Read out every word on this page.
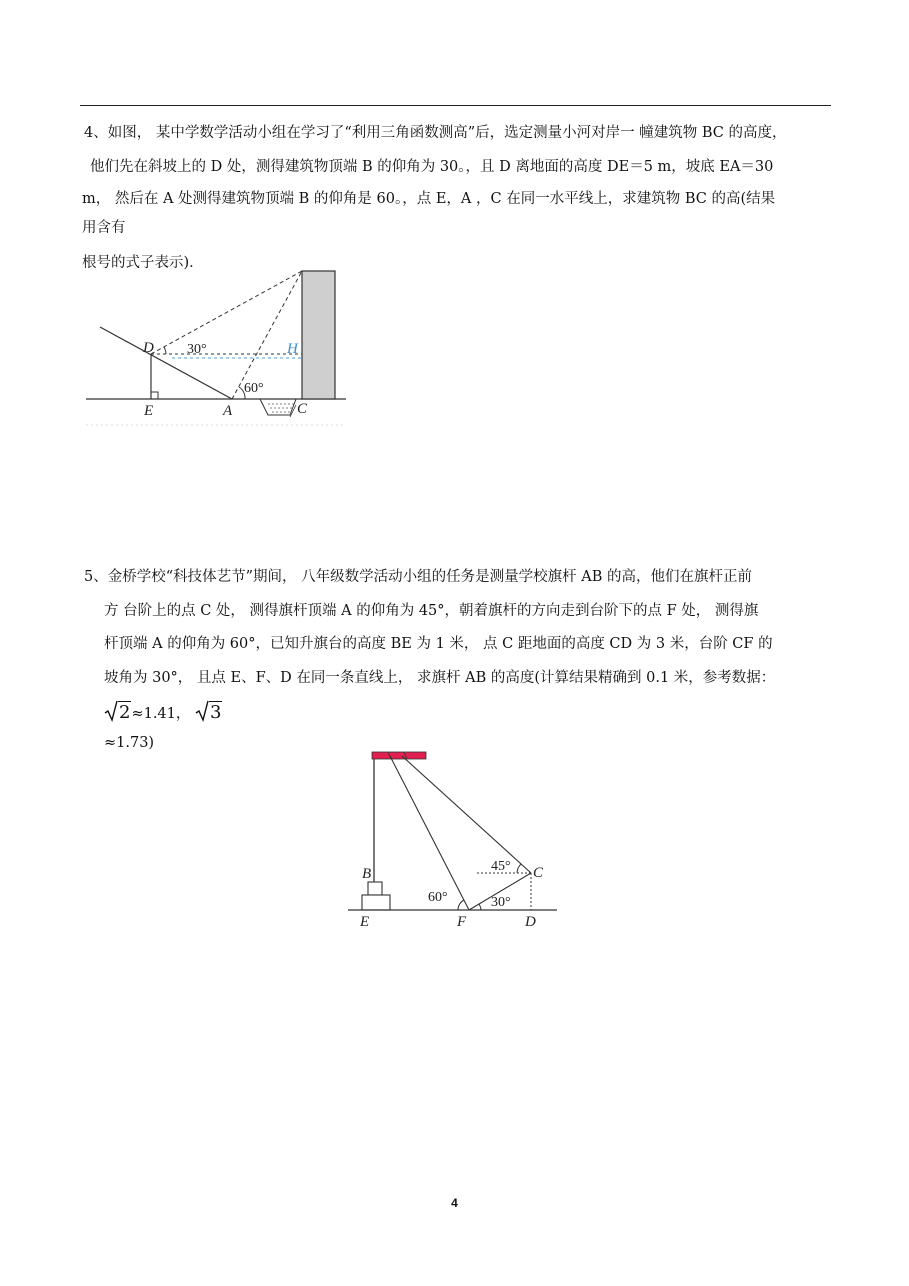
4、如图， 某中学数学活动小组在学习了“利用三角函数测高”后，选定测量小河对岸一 幢建筑物 BC 的高度，
他们先在斜坡上的 D 处，测得建筑物顶端 B 的仰角为 30。，且 D 离地面的高度 DE＝5 m，坡底 EA＝30
m， 然后在 A 处测得建筑物顶端 B 的仰角是 60。，点 E，A ，C 在同一水平线上，求建筑物 BC 的高(结果
用含有
根号的式子表示)．
D
E	A	C
H
30°
60°
5、金桥学校“科技体艺节”期间， 八年级数学活动小组的任务是测量学校旗杆 AB 的高，他们在旗杆正前
方 台阶上的点 C 处， 测得旗杆顶端 A 的仰角为 45°，朝着旗杆的方向走到台阶下的点 F 处， 测得旗
杆顶端 A 的仰角为 60°，已知升旗台的高度 BE 为 1 米， 点 C 距地面的高度 CD 为 3 米，台阶 CF 的
坡角为 30°， 且点 E、F、D 在同一条直线上， 求旗杆 AB 的高度(计算结果精确到 0.1 米，参考数据：
2≈1.41， 3
≈1.73)
B
E	F	D
C
45°
60°	30°
4
